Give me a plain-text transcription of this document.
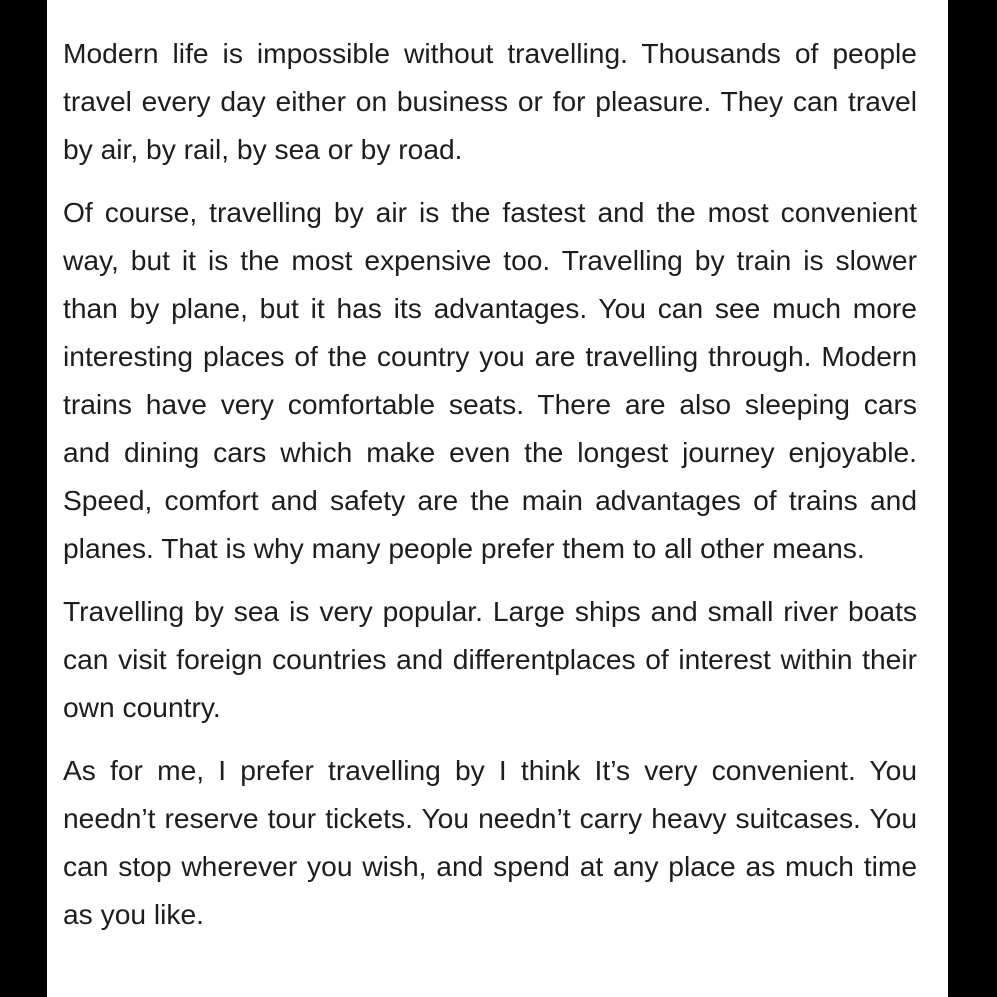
Modern life is impossible without travelling. Thousands of people travel every day either on business or for pleasure. They can travel by air, by rail, by sea or by road.

Of course, travelling by air is the fastest and the most convenient way, but it is the most expensive too. Travelling by train is slower than by plane, but it has its advantages. You can see much more interesting places of the country you are travelling through. Modern trains have very comfortable seats. There are also sleeping cars and dining cars which make even the longest journey enjoyable. Speed, comfort and safety are the main advantages of trains and planes. That is why many people prefer them to all other means.

Travelling by sea is very popular. Large ships and small river boats can visit foreign countries and differentplaces of interest within their own country.

As for me, I prefer travelling by I think It’s very convenient. You needn’t reserve tour tickets. You needn’t carry heavy suitcases. You can stop wherever you wish, and spend at any place as much time as you like.
